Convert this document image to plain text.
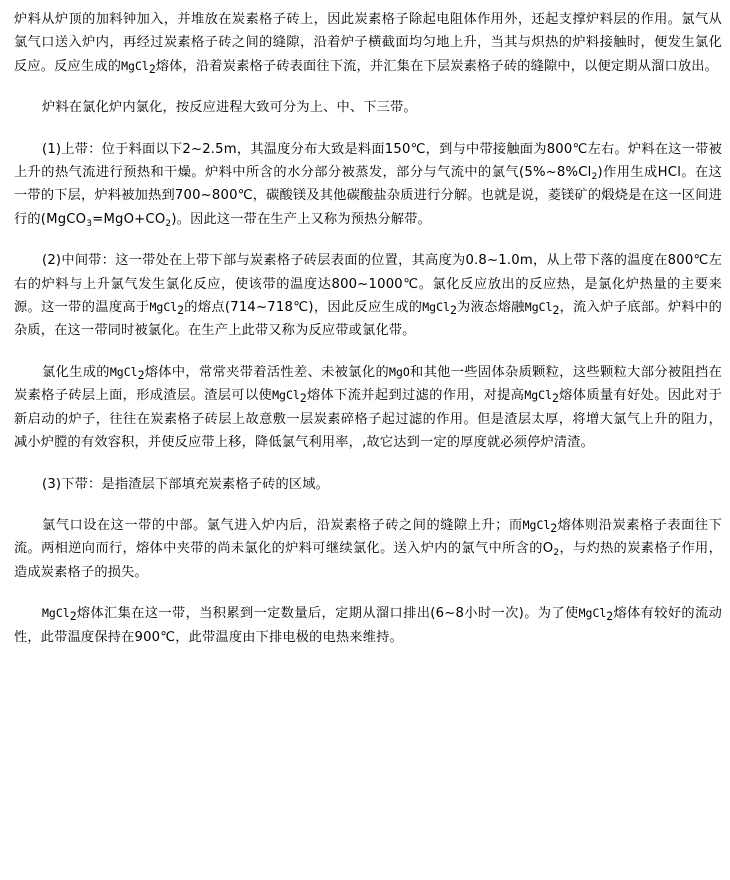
炉料从炉顶的加料钟加入，并堆放在炭素格子砖上，因此炭素格子除起电阻体作用外，还起支撑炉料层的作用。氯气从氯气口送入炉内，再经过炭素格子砖之间的缝隙，沿着炉子横截面均匀地上升，当其与炽热的炉料接触时，便发生氯化反应。反应生成的MgCl$_2$熔体，沿着炭素格子砖表面往下流，并汇集在下层炭素格子砖的缝隙中，以便定期从溜口放出。

炉料在氯化炉内氯化，按反应进程大致可分为上、中、下三带。

(1)上带：位于料面以下2~2.5m，其温度分布大致是料面150℃，到与中带接触面为800℃左右。炉料在这一带被上升的热气流进行预热和干燥。炉料中所含的水分部分被蒸发，部分与气流中的氯气$(5\%\sim 8\%Cl_2)$作用生成HCl。在这一带的下层，炉料被加热到700~800℃，碳酸镁及其他碳酸盐杂质进行分解。也就是说，菱镁矿的煅烧是在这一区间进行的$(MgCO_3=MgO+CO_2)$。因此这一带在生产上又称为预热分解带。

(2)中间带：这一带处在上带下部与炭素格子砖层表面的位置，其高度为0.8~1.0m，从上带下落的温度在800℃左右的炉料与上升氯气发生氯化反应，使该带的温度达800~1000℃。氯化反应放出的反应热，是氯化炉热量的主要来源。这一带的温度高于MgCl$_2$的熔点(714~718℃)，因此反应生成的MgCl$_2$为液态熔融MgCl$_2$，流入炉子底部。炉料中的杂质，在这一带同时被氯化。在生产上此带又称为反应带或氯化带。

氯化生成的MgCl$_2$熔体中，常常夹带着活性差、未被氯化的MgO和其他一些固体杂质颗粒，这些颗粒大部分被阻挡在炭素格子砖层上面，形成渣层。渣层可以使MgCl$_2$熔体下流并起到过滤的作用，对提高MgCl$_2$熔体质量有好处。因此对于新启动的炉子，往往在炭素格子砖层上故意敷一层炭素碎格子起过滤的作用。但是渣层太厚，将增大氯气上升的阻力，减小炉膛的有效容积，并使反应带上移，降低氯气利用率，,故它达到一定的厚度就必须停炉清渣。

(3)下带：是指渣层下部填充炭素格子砖的区域。

氯气口设在这一带的中部。氯气进入炉内后，沿炭素格子砖之间的缝隙上升；而MgCl$_2$熔体则沿炭素格子表面往下流。两相逆向而行，熔体中夹带的尚未氯化的炉料可继续氯化。送入炉内的氯气中所含的$O_2$，与灼热的炭素格子作用，造成炭素格子的损失。

MgCl$_2$熔体汇集在这一带，当积累到一定数量后，定期从溜口排出(6~8小时一次)。为了使MgCl$_2$熔体有较好的流动性，此带温度保持在900℃，此带温度由下排电极的电热来维持。
